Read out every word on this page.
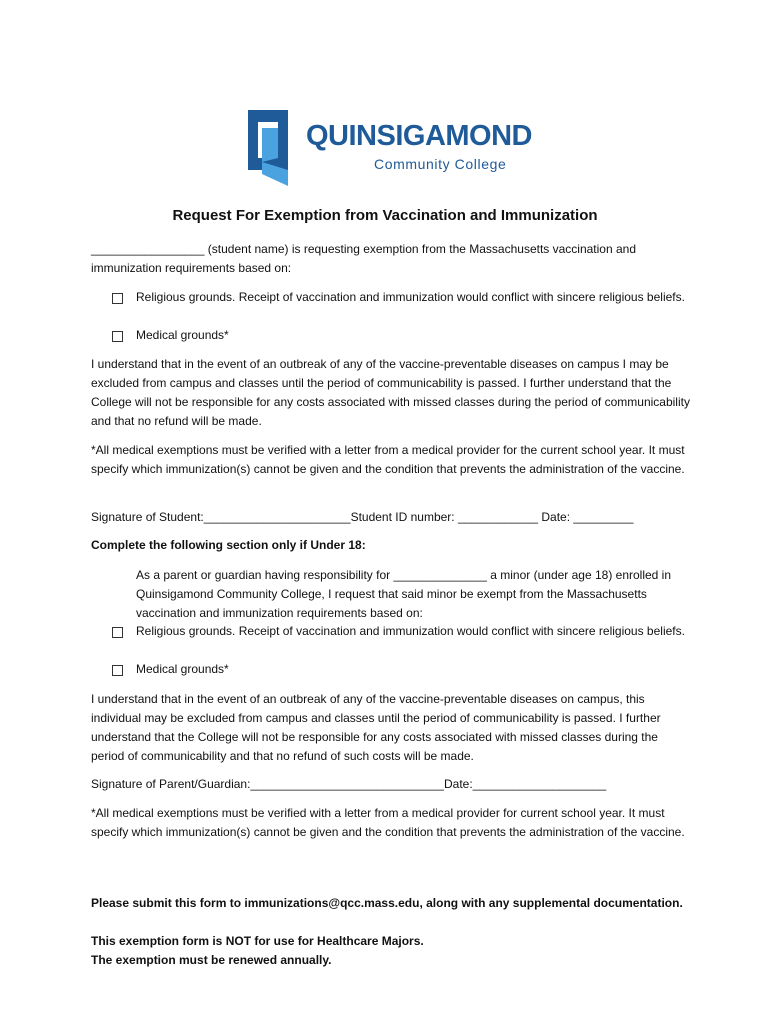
QUINSIGAMOND
Community College
Request For Exemption from Vaccination and Immunization
_________________ (student name) is requesting exemption from the Massachusetts vaccination and immunization requirements based on:
Religious grounds. Receipt of vaccination and immunization would conflict with sincere religious beliefs.
Medical grounds*
I understand that in the event of an outbreak of any of the vaccine-preventable diseases on campus I may be excluded from campus and classes until the period of communicability is passed. I further understand that the College will not be responsible for any costs associated with missed classes during the period of communicability and that no refund will be made.
*All medical exemptions must be verified with a letter from a medical provider for the current school year. It must specify which immunization(s) cannot be given and the condition that prevents the administration of the vaccine.
Signature of Student:______________________Student ID number: ____________ Date: _________
Complete the following section only if Under 18:
As a parent or guardian having responsibility for ______________ a minor (under age 18) enrolled in Quinsigamond Community College, I request that said minor be exempt from the Massachusetts vaccination and immunization requirements based on:
Religious grounds. Receipt of vaccination and immunization would conflict with sincere religious beliefs.
Medical grounds*
I understand that in the event of an outbreak of any of the vaccine-preventable diseases on campus, this individual may be excluded from campus and classes until the period of communicability is passed. I further understand that the College will not be responsible for any costs associated with missed classes during the period of communicability and that no refund of such costs will be made.
Signature of Parent/Guardian:_____________________________Date:____________________
*All medical exemptions must be verified with a letter from a medical provider for current school year. It must specify which immunization(s) cannot be given and the condition that prevents the administration of the vaccine.
Please submit this form to immunizations@qcc.mass.edu, along with any supplemental documentation.
This exemption form is NOT for use for Healthcare Majors.
The exemption must be renewed annually.
